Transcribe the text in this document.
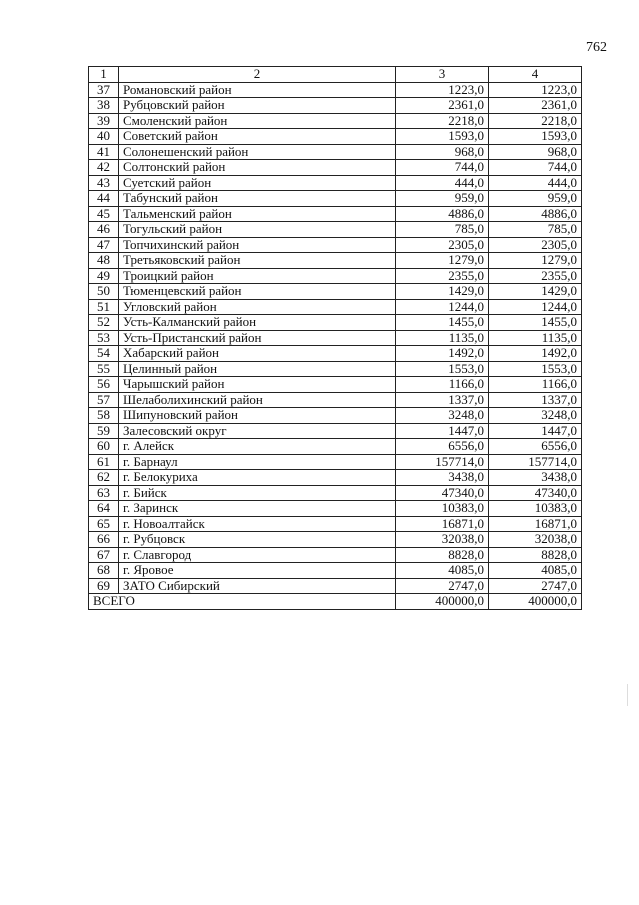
762
1	2	3	4
37	Романовский район	1223,0	1223,0
38	Рубцовский район	2361,0	2361,0
39	Смоленский район	2218,0	2218,0
40	Советский район	1593,0	1593,0
41	Солонешенский район	968,0	968,0
42	Солтонский район	744,0	744,0
43	Суетский район	444,0	444,0
44	Табунский район	959,0	959,0
45	Тальменский район	4886,0	4886,0
46	Тогульский район	785,0	785,0
47	Топчихинский район	2305,0	2305,0
48	Третьяковский район	1279,0	1279,0
49	Троицкий район	2355,0	2355,0
50	Тюменцевский район	1429,0	1429,0
51	Угловский район	1244,0	1244,0
52	Усть-Калманский район	1455,0	1455,0
53	Усть-Пристанский район	1135,0	1135,0
54	Хабарский район	1492,0	1492,0
55	Целинный район	1553,0	1553,0
56	Чарышский район	1166,0	1166,0
57	Шелаболихинский район	1337,0	1337,0
58	Шипуновский район	3248,0	3248,0
59	Залесовский округ	1447,0	1447,0
60	г. Алейск	6556,0	6556,0
61	г. Барнаул	157714,0	157714,0
62	г. Белокуриха	3438,0	3438,0
63	г. Бийск	47340,0	47340,0
64	г. Заринск	10383,0	10383,0
65	г. Новоалтайск	16871,0	16871,0
66	г. Рубцовск	32038,0	32038,0
67	г. Славгород	8828,0	8828,0
68	г. Яровое	4085,0	4085,0
69	ЗАТО Сибирский	2747,0	2747,0
ВСЕГО		400000,0	400000,0
